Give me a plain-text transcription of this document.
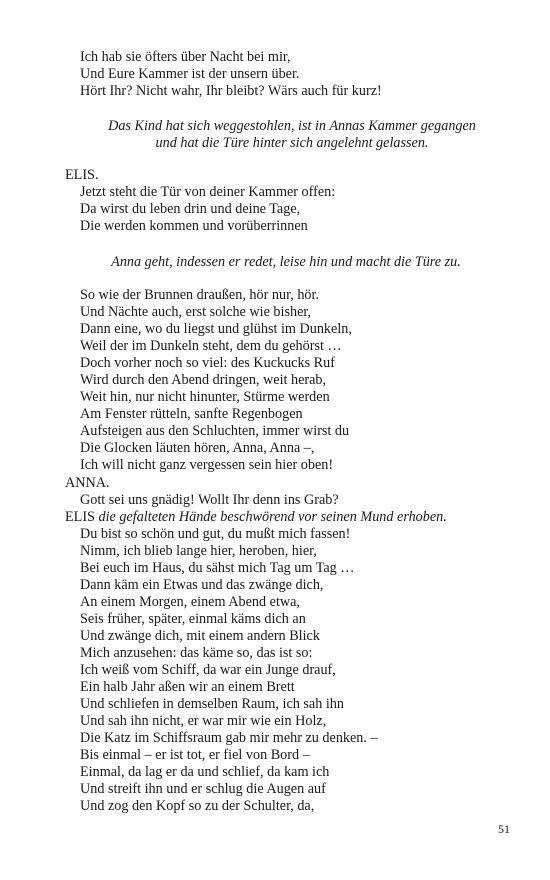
Ich hab sie öfters über Nacht bei mir,
Und Eure Kammer ist der unsern über.
Hört Ihr? Nicht wahr, Ihr bleibt? Wärs auch für kurz!
Das Kind hat sich weggestohlen, ist in Annas Kammer gegangen
und hat die Türe hinter sich angelehnt gelassen.
ELIS.
Jetzt steht die Tür von deiner Kammer offen:
Da wirst du leben drin und deine Tage,
Die werden kommen und vorüberrinnen
Anna geht, indessen er redet, leise hin und macht die Türe zu.
So wie der Brunnen draußen, hör nur, hör.
Und Nächte auch, erst solche wie bisher,
Dann eine, wo du liegst und glühst im Dunkeln,
Weil der im Dunkeln steht, dem du gehörst …
Doch vorher noch so viel: des Kuckucks Ruf
Wird durch den Abend dringen, weit herab,
Weit hin, nur nicht hinunter, Stürme werden
Am Fenster rütteln, sanfte Regenbogen
Aufsteigen aus den Schluchten, immer wirst du
Die Glocken läuten hören, Anna, Anna –,
Ich will nicht ganz vergessen sein hier oben!
ANNA.
Gott sei uns gnädig! Wollt Ihr denn ins Grab?
ELIS die gefalteten Hände beschwörend vor seinen Mund erhoben.
Du bist so schön und gut, du mußt mich fassen!
Nimm, ich blieb lange hier, heroben, hier,
Bei euch im Haus, du sähst mich Tag um Tag …
Dann käm ein Etwas und das zwänge dich,
An einem Morgen, einem Abend etwa,
Seis früher, später, einmal käms dich an
Und zwänge dich, mit einem andern Blick
Mich anzusehen: das käme so, das ist so:
Ich weiß vom Schiff, da war ein Junge drauf,
Ein halb Jahr aßen wir an einem Brett
Und schliefen in demselben Raum, ich sah ihn
Und sah ihn nicht, er war mir wie ein Holz,
Die Katz im Schiffsraum gab mir mehr zu denken. –
Bis einmal – er ist tot, er fiel von Bord –
Einmal, da lag er da und schlief, da kam ich
Und streift ihn und er schlug die Augen auf
Und zog den Kopf so zu der Schulter, da,
51
